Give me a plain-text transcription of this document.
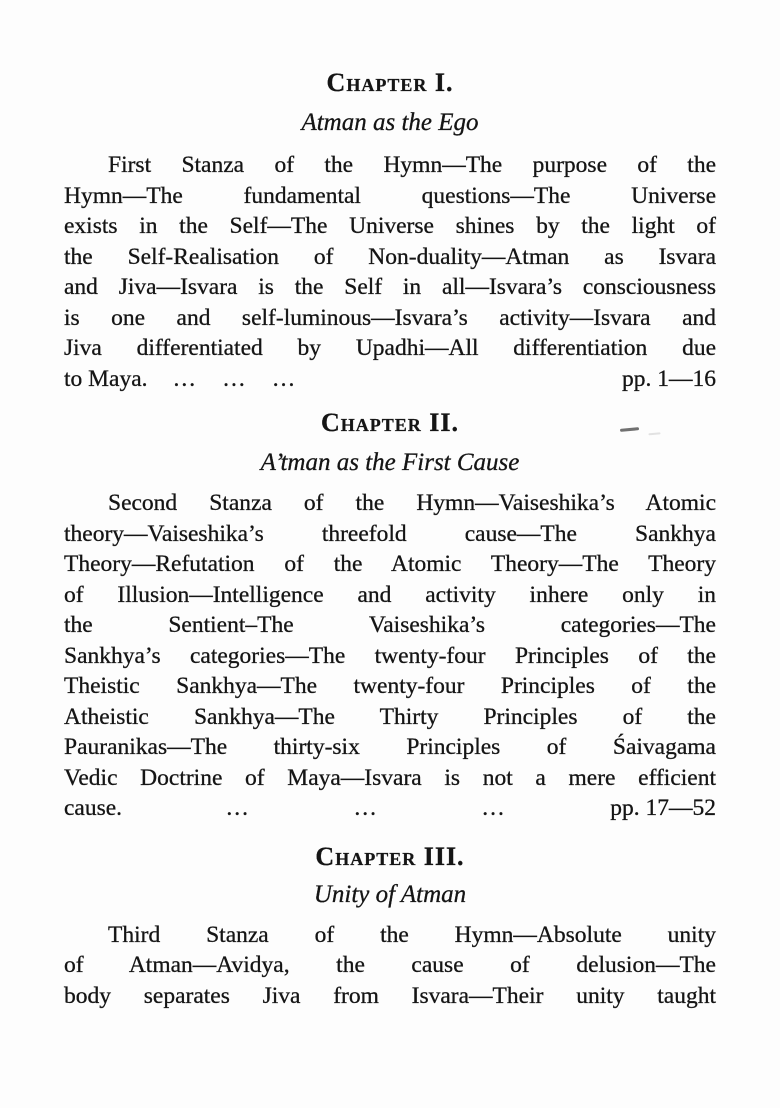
Chapter I.

Atman as the Ego

First Stanza of the Hymn—The purpose of the
Hymn—The fundamental questions—The Universe
exists in the Self—The Universe shines by the light of
the Self-Realisation of Non-duality—Atman as Isvara
and Jiva—Isvara is the Self in all—Isvara’s consciousness
is one and self-luminous—Isvara’s activity—Isvara and
Jiva differentiated by Upadhi—All differentiation due
to Maya. ... ... ...	pp. 1—16
Chapter II.

A’tman as the First Cause

Second Stanza of the Hymn—Vaiseshika’s Atomic
theory—Vaiseshika’s threefold cause—The Sankhya
Theory—Refutation of the Atomic Theory—The Theory
of Illusion—Intelligence and activity inhere only in
the Sentient–The Vaiseshika’s categories—The
Sankhya’s categories—The twenty-four Principles of the
Theistic Sankhya—The twenty-four Principles of the
Atheistic Sankhya—The Thirty Principles of the
Pauranikas—The thirty-six Principles of Śaivagama
Vedic Doctrine of Maya—Isvara is not a mere efficient
cause.	...	...	...	pp. 17—52
Chapter III.

Unity of Atman

Third Stanza of the Hymn—Absolute unity
of Atman—Avidya, the cause of delusion—The
body separates Jiva from Isvara—Their unity taught
